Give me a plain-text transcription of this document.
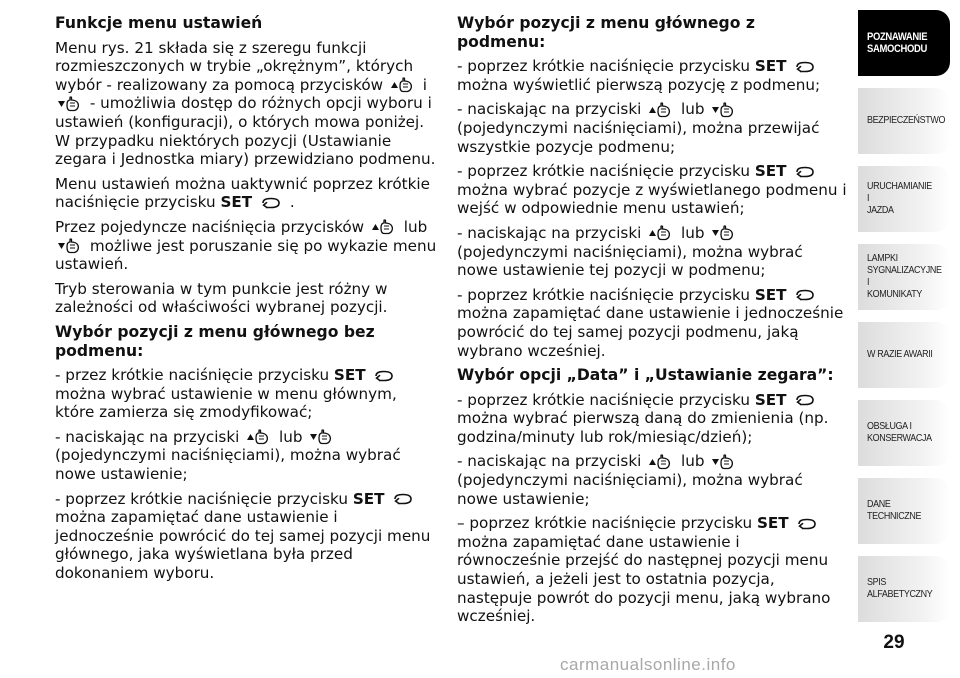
Funkcje menu ustawień

Menu rys. 21 składa się z szeregu funkcji rozmieszczonych w trybie „okrężnym”, których wybór - realizowany za pomocą przycisków	i  - umożliwia dostęp do różnych opcji wyboru i ustawień (konfiguracji), o których mowa poniżej. W przypadku niektórych pozycji (Ustawianie zegara i Jednostka miary) przewidziano podmenu.

Menu ustawień można uaktywnić poprzez krótkie naciśnięcie przycisku SET .

Przez pojedyncze naciśnięcia przycisków	lub  możliwe jest poruszanie się po wykazie menu ustawień.

Tryb sterowania w tym punkcie jest różny w zależności od właściwości wybranej pozycji.

Wybór pozycji z menu głównego bez podmenu:

- przez krótkie naciśnięcie przycisku SET  można wybrać ustawienie w menu głównym, które zamierza się zmodyfikować;

- naciskając na przyciski	lub  (pojedynczymi naciśnięciami), można wybrać nowe ustawienie;

- poprzez krótkie naciśnięcie przycisku SET  można zapamiętać dane ustawienie i jednocześnie powrócić do tej samej pozycji menu głównego, jaka wyświetlana była przed dokonaniem wyboru.

Wybór pozycji z menu głównego z podmenu:

- poprzez krótkie naciśnięcie przycisku SET  można wyświetlić pierwszą pozycję z podmenu;

- naciskając na przyciski	lub  (pojedynczymi naciśnięciami), można przewijać wszystkie pozycje podmenu;

- poprzez krótkie naciśnięcie przycisku SET  można wybrać pozycje z wyświetlanego podmenu i wejść w odpowiednie menu ustawień;

- naciskając na przyciski	lub  (pojedynczymi naciśnięciami), można wybrać nowe ustawienie tej pozycji w podmenu;

- poprzez krótkie naciśnięcie przycisku SET  można zapamiętać dane ustawienie i jednocześnie powrócić do tej samej pozycji podmenu, jaką wybrano wcześniej.

Wybór opcji „Data” i „Ustawianie zegara”:

- poprzez krótkie naciśnięcie przycisku SET  można wybrać pierwszą daną do zmienienia (np. godzina/minuty lub rok/miesiąc/dzień);

- naciskając na przyciski	lub  (pojedynczymi naciśnięciami), można wybrać nowe ustawienie;

– poprzez krótkie naciśnięcie przycisku SET  można zapamiętać dane ustawienie i równocześnie przejść do następnej pozycji menu ustawień, a jeżeli jest to ostatnia pozycja, następuje powrót do pozycji menu, jaką wybrano wcześniej.

POZNAWANIE
SAMOCHODU
BEZPIECZEŃSTWO
URUCHAMIANIE I
JAZDA
LAMPKI
SYGNALIZACYJNE I
KOMUNIKATY
W RAZIE AWARII
OBSŁUGA I
KONSERWACJA
DANE TECHNICZNE
SPIS ALFABETYCZNY
29
carmanualsonline.info
